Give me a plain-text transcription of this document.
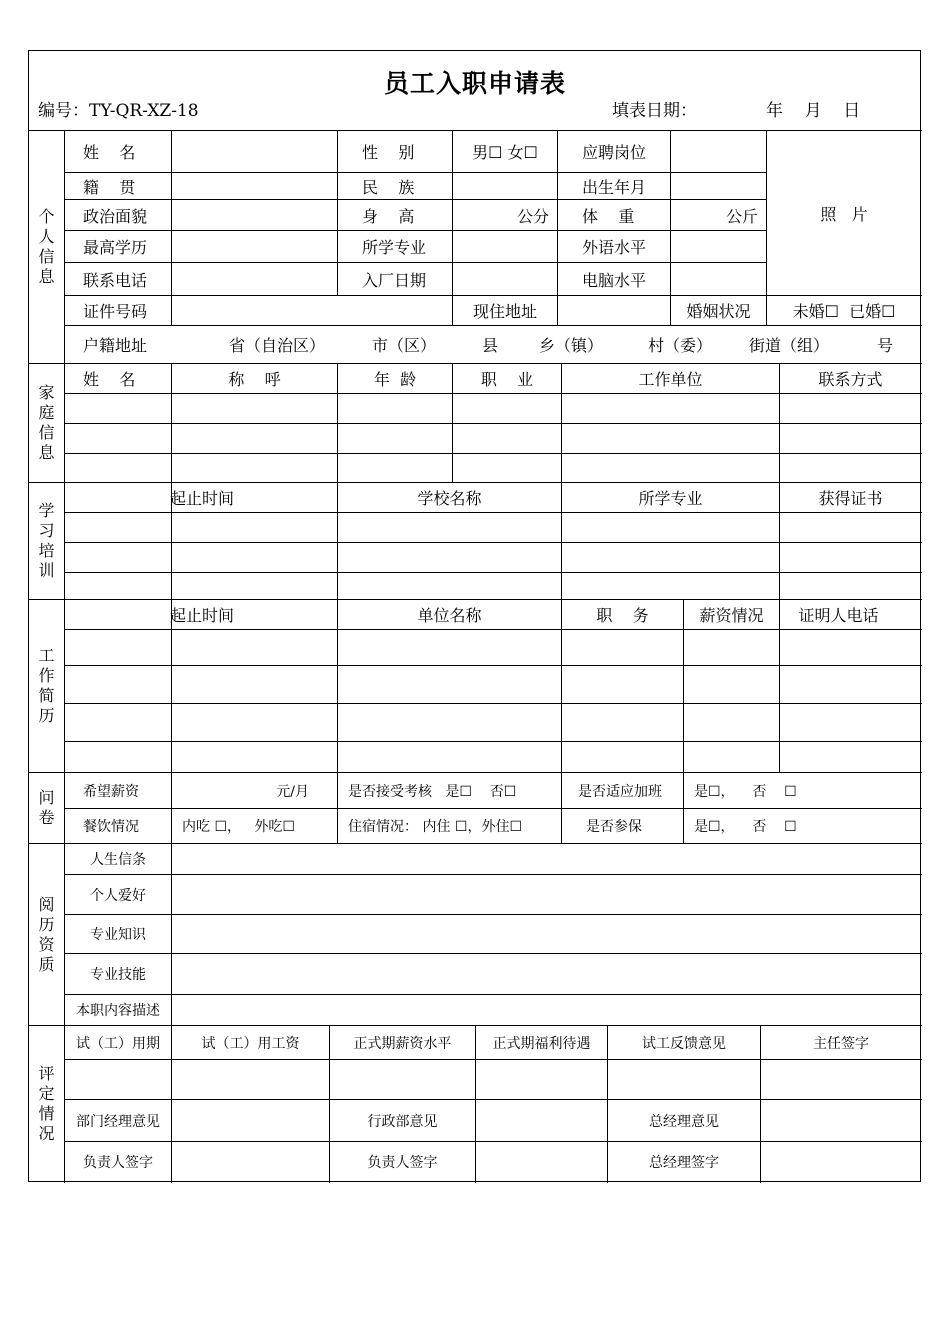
员工入职申请表
编号：TY-QR-XZ-18	填表日期：	年    月    日
个人信息
家庭信息
学习培训
工作简历
问卷
阅历资质
评定情况
姓    名	性    别	男☐ 女☐	应聘岗位
照   片
籍    贯	民    族	出生年月
政治面貌	身    高	公分	体    重	公斤
最高学历	所学专业	外语水平
联系电话	入厂日期	电脑水平
证件号码	现住地址	婚姻状况	未婚☐  已婚☐
户籍地址	省（自治区）	市（区）	县	乡（镇）	村（委）	街道（组）	号
姓    名	称    呼	年  龄	职    业	工作单位	联系方式
起止时间	学校名称	所学专业	获得证书
起止时间	单位名称	职    务	薪资情况	证明人电话
希望薪资	元/月	是否接受考核   是☐    否☐	是否适应加班	是☐，    否    ☐
餐饮情况	内吃 ☐，   外吃☐	住宿情况： 内住 ☐，外住☐	是否参保	是☐，    否    ☐
人生信条
个人爱好
专业知识
专业技能
本职内容描述
试（工）用期	试（工）用工资	正式期薪资水平	正式期福利待遇	试工反馈意见	主任签字
部门经理意见	行政部意见	总经理意见
负责人签字	负责人签字	总经理签字
